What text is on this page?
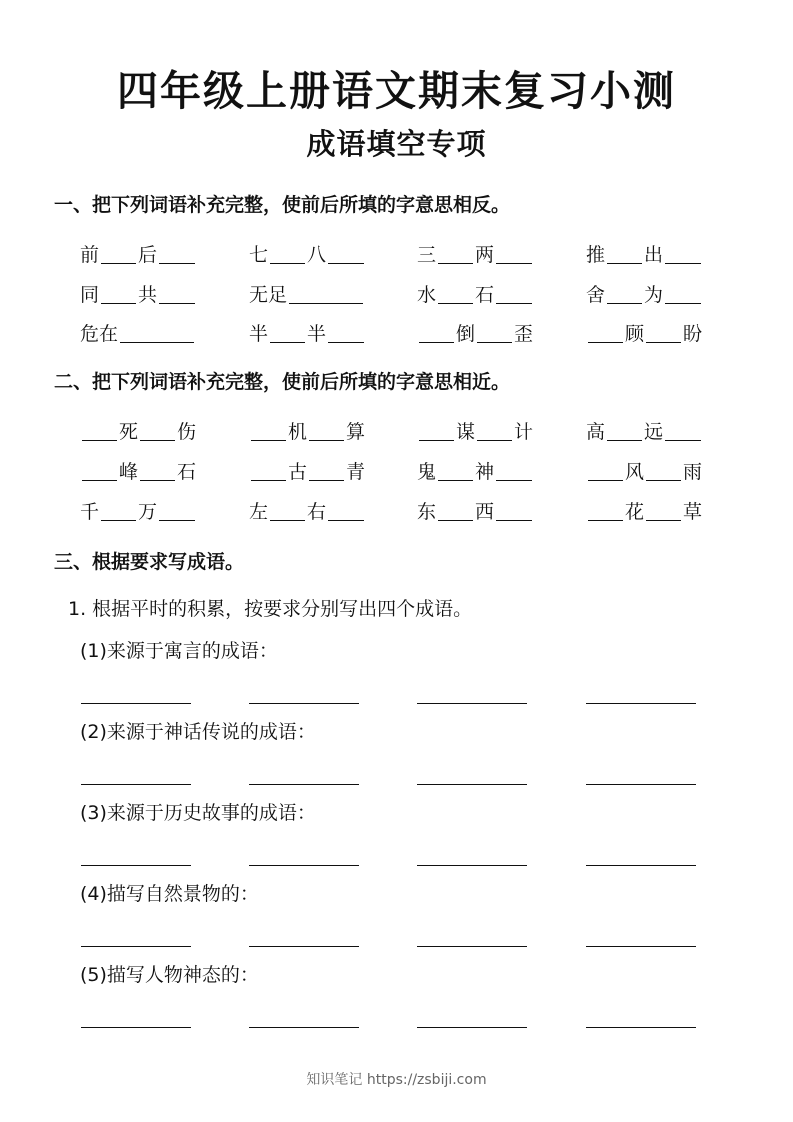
四年级上册语文期末复习小测
成语填空专项
一、把下列词语补充完整，使前后所填的字意思相反。
前 后	七 八	三 两	推 出
同 共	无足	水 石	舍 为
危在	半 半	倒 歪	顾 盼
二、把下列词语补充完整，使前后所填的字意思相近。
死 伤	机 算	谋 计	高 远
峰 石	古 青	鬼 神	风 雨
千 万	左 右	东 西	花 草
三、根据要求写成语。
1. 根据平时的积累，按要求分别写出四个成语。
(1)来源于寓言的成语：
(2)来源于神话传说的成语：
(3)来源于历史故事的成语：
(4)描写自然景物的：
(5)描写人物神态的：
知识笔记 https://zsbiji.com
